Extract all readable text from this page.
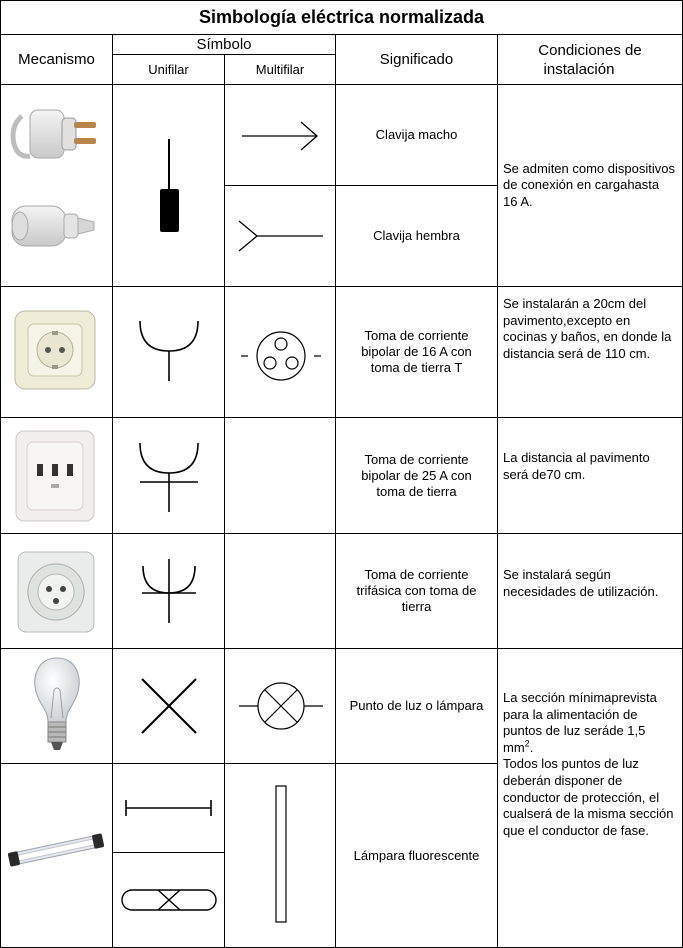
Simbología eléctrica normalizada
Mecanismo
Símbolo
Unifilar	Multifilar
Significado
Condiciones de
instalación
Clavija macho
Clavija hembra
Se admiten como dispositivos de conexión en cargahasta 16 A.
Toma de corriente bipolar de 16 A con toma de tierra T
Se instalarán a 20cm del pavimento,excepto en cocinas y baños, en donde la distancia será de 110 cm.
Toma de corriente bipolar de 25 A con toma de tierra
La distancia al pavimento será de70 cm.
Toma de corriente trifásica con toma de tierra
Se instalará según necesidades de utilización.
Punto de luz o lámpara
La sección mínimaprevista para la alimentación de puntos de luz seráde 1,5 $mm^2$.
Todos los puntos de luz deberán disponer de conductor de protección, el cualserá de la misma sección que el conductor de fase.
Lámpara fluorescente
